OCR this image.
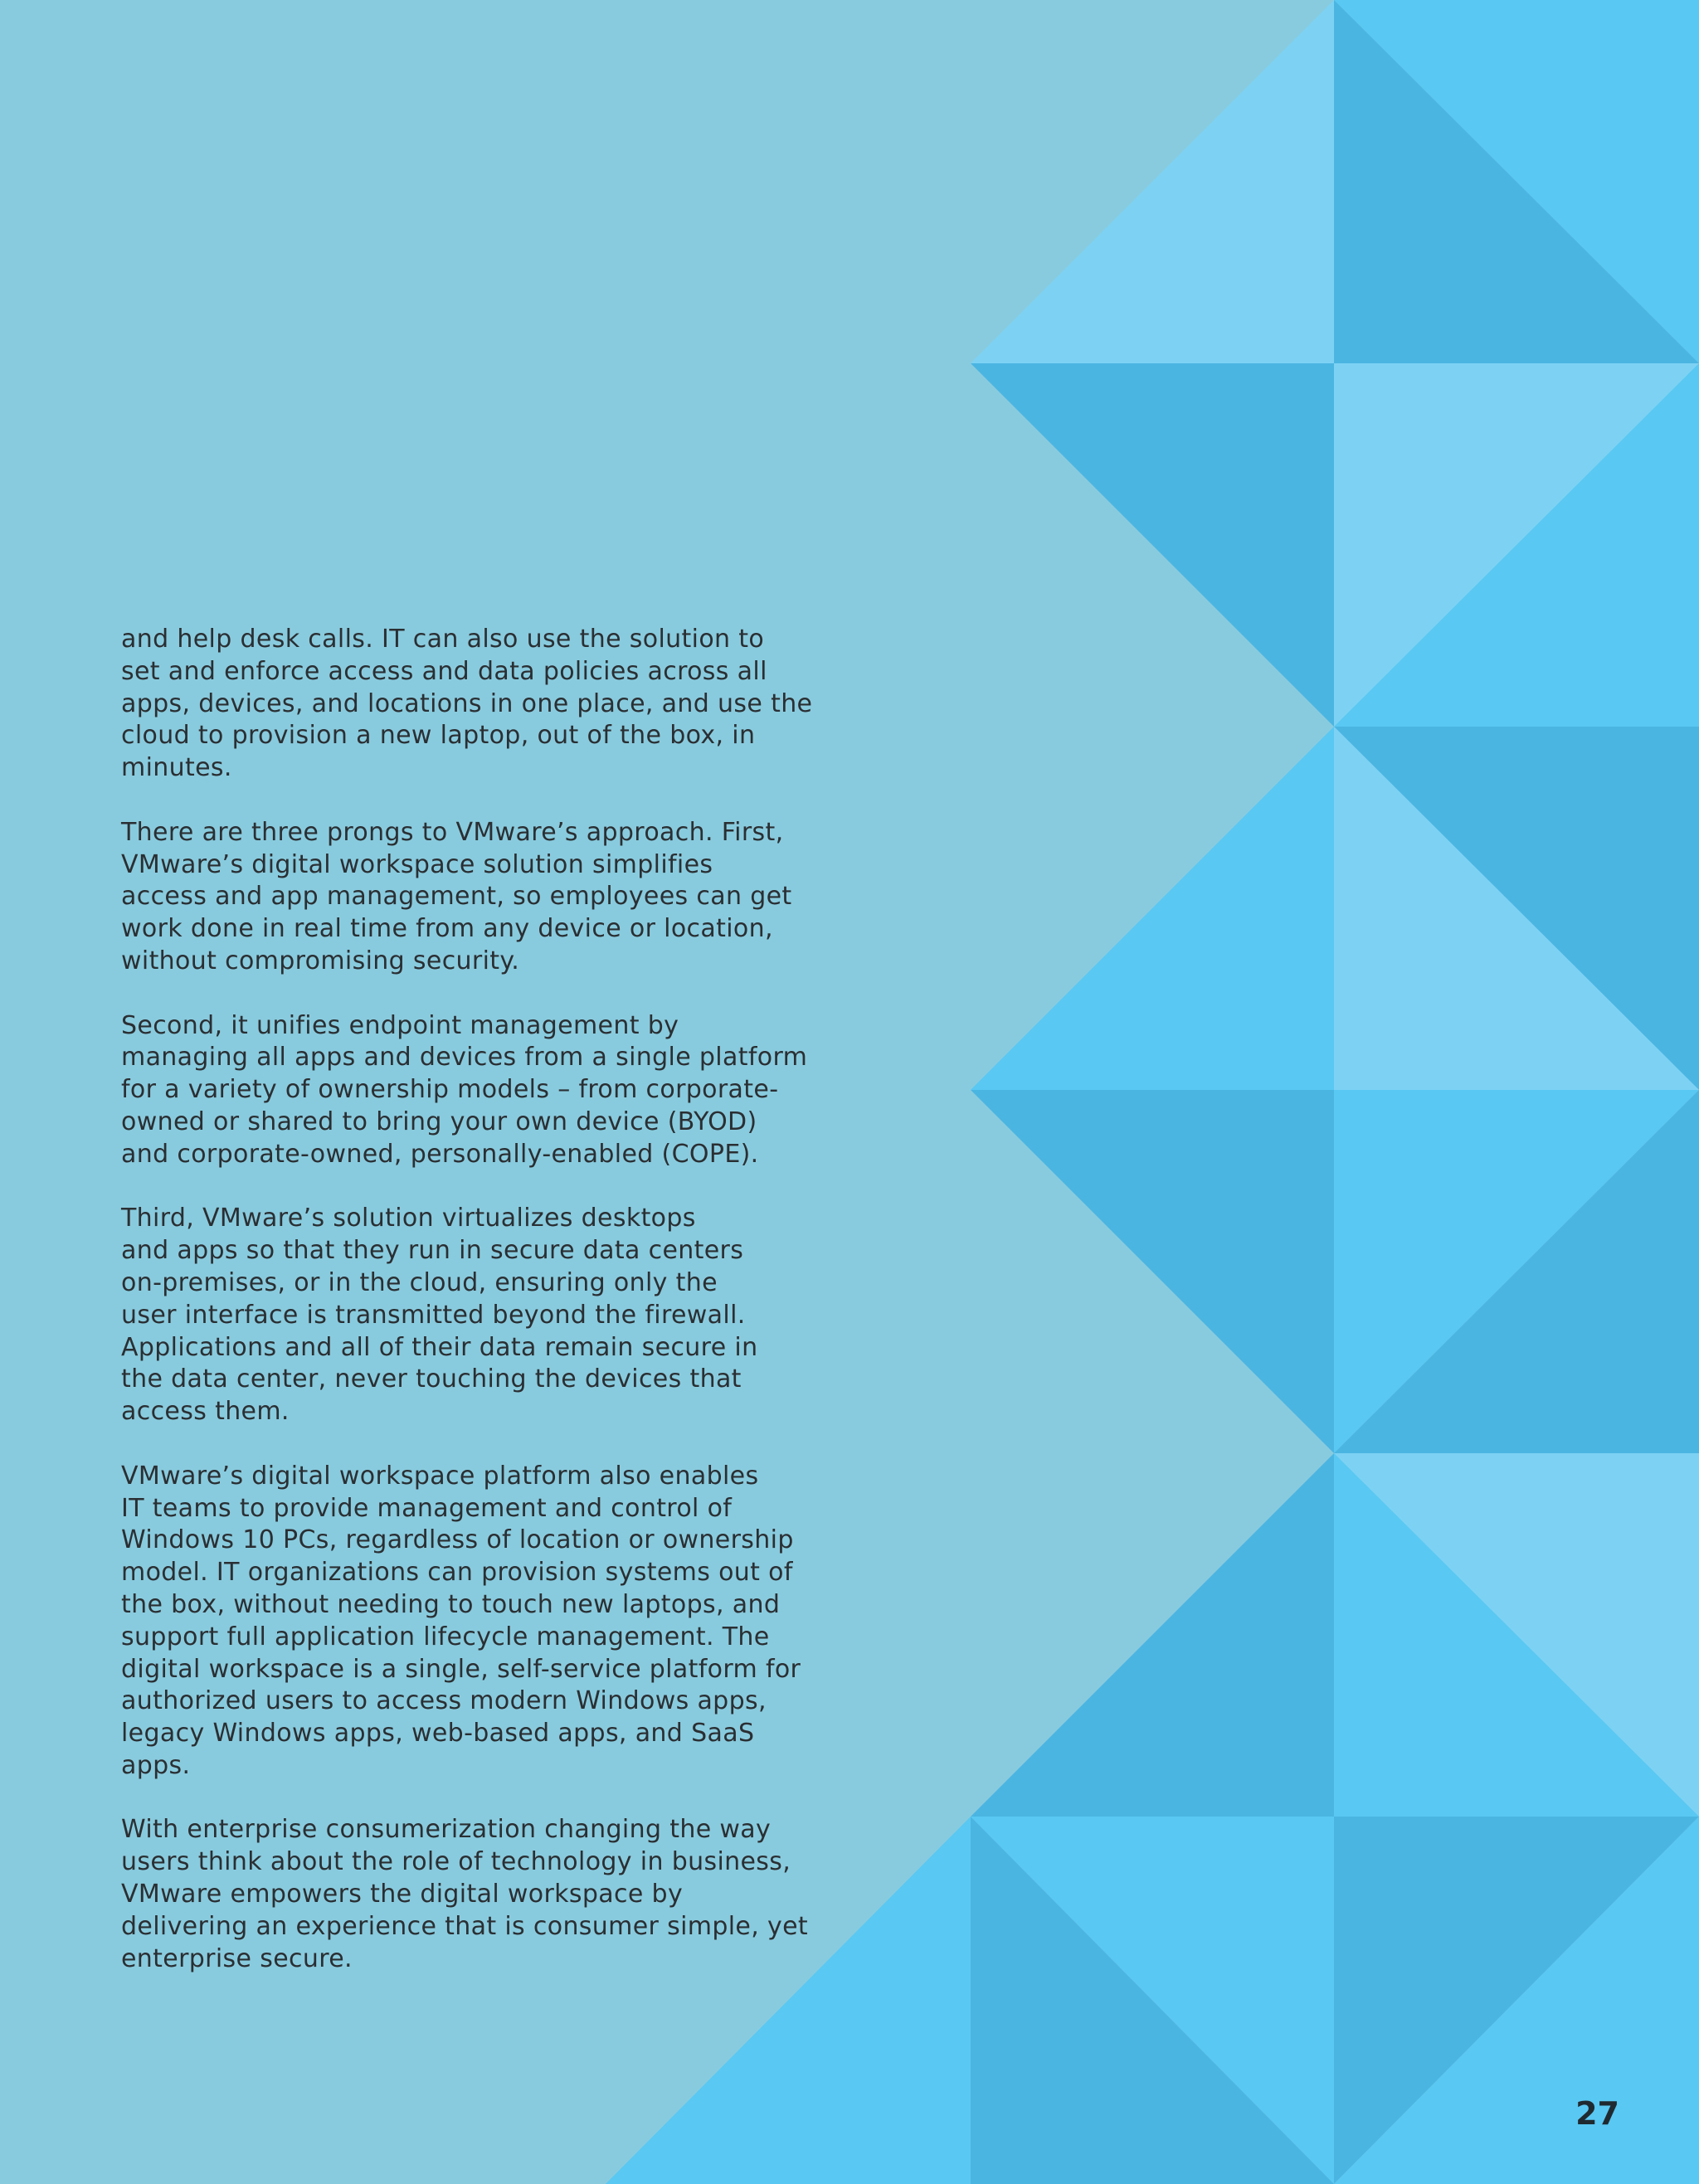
and help desk calls. IT can also use the solution to
set and enforce access and data policies across all
apps, devices, and locations in one place, and use the
cloud to provision a new laptop, out of the box, in
minutes.

There are three prongs to VMware’s approach. First,
VMware’s digital workspace solution simplifies
access and app management, so employees can get
work done in real time from any device or location,
without compromising security.

Second, it unifies endpoint management by
managing all apps and devices from a single platform
for a variety of ownership models – from corporate-
owned or shared to bring your own device (BYOD)
and corporate-owned, personally-enabled (COPE).

Third, VMware’s solution virtualizes desktops
and apps so that they run in secure data centers
on-premises, or in the cloud, ensuring only the
user interface is transmitted beyond the firewall.
Applications and all of their data remain secure in
the data center, never touching the devices that
access them.

VMware’s digital workspace platform also enables
IT teams to provide management and control of
Windows 10 PCs, regardless of location or ownership
model. IT organizations can provision systems out of
the box, without needing to touch new laptops, and
support full application lifecycle management. The
digital workspace is a single, self-service platform for
authorized users to access modern Windows apps,
legacy Windows apps, web-based apps, and SaaS
apps.

With enterprise consumerization changing the way
users think about the role of technology in business,
VMware empowers the digital workspace by
delivering an experience that is consumer simple, yet
enterprise secure.

27
